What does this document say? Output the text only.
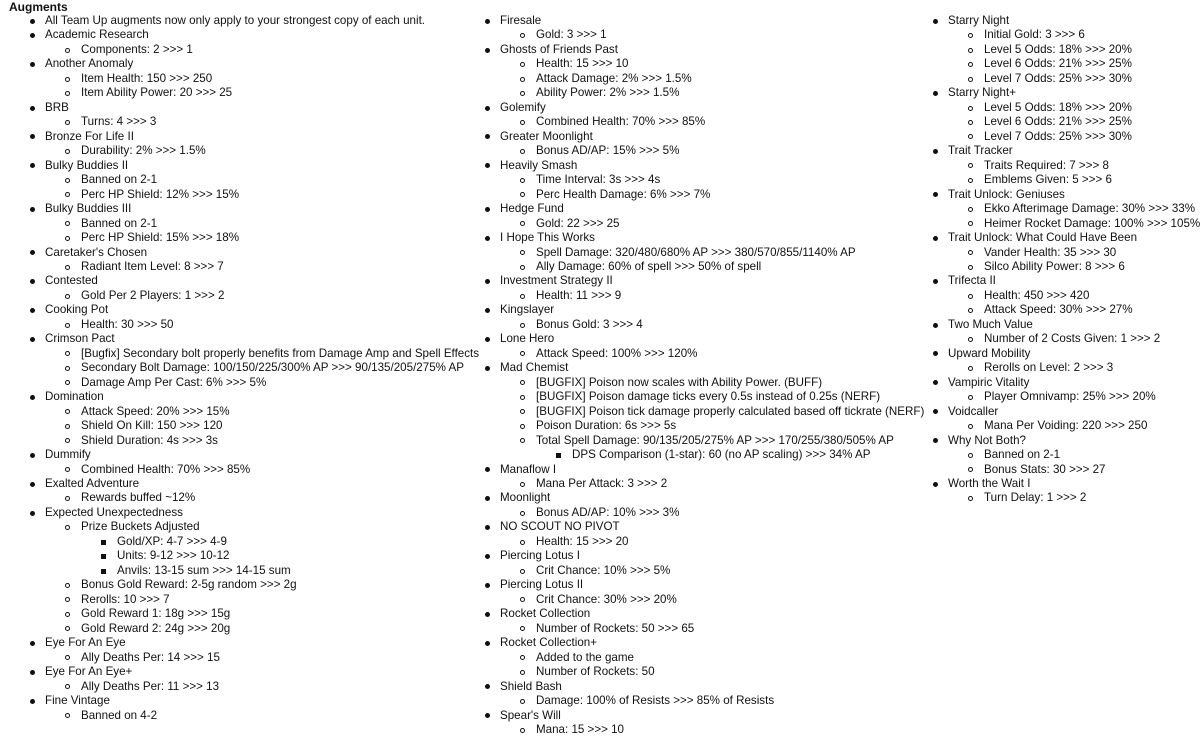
Augments
All Team Up augments now only apply to your strongest copy of each unit.
Academic Research
Components: 2 >>> 1
Another Anomaly
Item Health: 150 >>> 250
Item Ability Power: 20 >>> 25
BRB
Turns: 4 >>> 3
Bronze For Life II
Durability: 2% >>> 1.5%
Bulky Buddies II
Banned on 2-1
Perc HP Shield: 12% >>> 15%
Bulky Buddies III
Banned on 2-1
Perc HP Shield: 15% >>> 18%
Caretaker's Chosen
Radiant Item Level: 8 >>> 7
Contested
Gold Per 2 Players: 1 >>> 2
Cooking Pot
Health: 30 >>> 50
Crimson Pact
[Bugfix] Secondary bolt properly benefits from Damage Amp and Spell Effects
Secondary Bolt Damage: 100/150/225/300% AP >>> 90/135/205/275% AP
Damage Amp Per Cast: 6% >>> 5%
Domination
Attack Speed: 20% >>> 15%
Shield On Kill: 150 >>> 120
Shield Duration: 4s >>> 3s
Dummify
Combined Health: 70% >>> 85%
Exalted Adventure
Rewards buffed ~12%
Expected Unexpectedness
Prize Buckets Adjusted
Gold/XP: 4-7 >>> 4-9
Units: 9-12 >>> 10-12
Anvils: 13-15 sum >>> 14-15 sum
Bonus Gold Reward: 2-5g random >>> 2g
Rerolls: 10 >>> 7
Gold Reward 1: 18g >>> 15g
Gold Reward 2: 24g >>> 20g
Eye For An Eye
Ally Deaths Per: 14 >>> 15
Eye For An Eye+
Ally Deaths Per: 11 >>> 13
Fine Vintage
Banned on 4-2
Firesale
Gold: 3 >>> 1
Ghosts of Friends Past
Health: 15 >>> 10
Attack Damage: 2% >>> 1.5%
Ability Power: 2% >>> 1.5%
Golemify
Combined Health: 70% >>> 85%
Greater Moonlight
Bonus AD/AP: 15% >>> 5%
Heavily Smash
Time Interval: 3s >>> 4s
Perc Health Damage: 6% >>> 7%
Hedge Fund
Gold: 22 >>> 25
I Hope This Works
Spell Damage: 320/480/680% AP >>> 380/570/855/1140% AP
Ally Damage: 60% of spell >>> 50% of spell
Investment Strategy II
Health: 11 >>> 9
Kingslayer
Bonus Gold: 3 >>> 4
Lone Hero
Attack Speed: 100% >>> 120%
Mad Chemist
[BUGFIX] Poison now scales with Ability Power. (BUFF)
[BUGFIX] Poison damage ticks every 0.5s instead of 0.25s (NERF)
[BUGFIX] Poison tick damage properly calculated based off tickrate (NERF)
Poison Duration: 6s >>> 5s
Total Spell Damage: 90/135/205/275% AP >>> 170/255/380/505% AP
DPS Comparison (1-star): 60 (no AP scaling) >>> 34% AP
Manaflow I
Mana Per Attack: 3 >>> 2
Moonlight
Bonus AD/AP: 10% >>> 3%
NO SCOUT NO PIVOT
Health: 15 >>> 20
Piercing Lotus I
Crit Chance: 10% >>> 5%
Piercing Lotus II
Crit Chance: 30% >>> 20%
Rocket Collection
Number of Rockets: 50 >>> 65
Rocket Collection+
Added to the game
Number of Rockets: 50
Shield Bash
Damage: 100% of Resists >>> 85% of Resists
Spear's Will
Mana: 15 >>> 10
Starry Night
Initial Gold: 3 >>> 6
Level 5 Odds: 18% >>> 20%
Level 6 Odds: 21% >>> 25%
Level 7 Odds: 25% >>> 30%
Starry Night+
Level 5 Odds: 18% >>> 20%
Level 6 Odds: 21% >>> 25%
Level 7 Odds: 25% >>> 30%
Trait Tracker
Traits Required: 7 >>> 8
Emblems Given: 5 >>> 6
Trait Unlock: Geniuses
Ekko Afterimage Damage: 30% >>> 33%
Heimer Rocket Damage: 100% >>> 105%
Trait Unlock: What Could Have Been
Vander Health: 35 >>> 30
Silco Ability Power: 8 >>> 6
Trifecta II
Health: 450 >>> 420
Attack Speed: 30% >>> 27%
Two Much Value
Number of 2 Costs Given: 1 >>> 2
Upward Mobility
Rerolls on Level: 2 >>> 3
Vampiric Vitality
Player Omnivamp: 25% >>> 20%
Voidcaller
Mana Per Voiding: 220 >>> 250
Why Not Both?
Banned on 2-1
Bonus Stats: 30 >>> 27
Worth the Wait I
Turn Delay: 1 >>> 2
